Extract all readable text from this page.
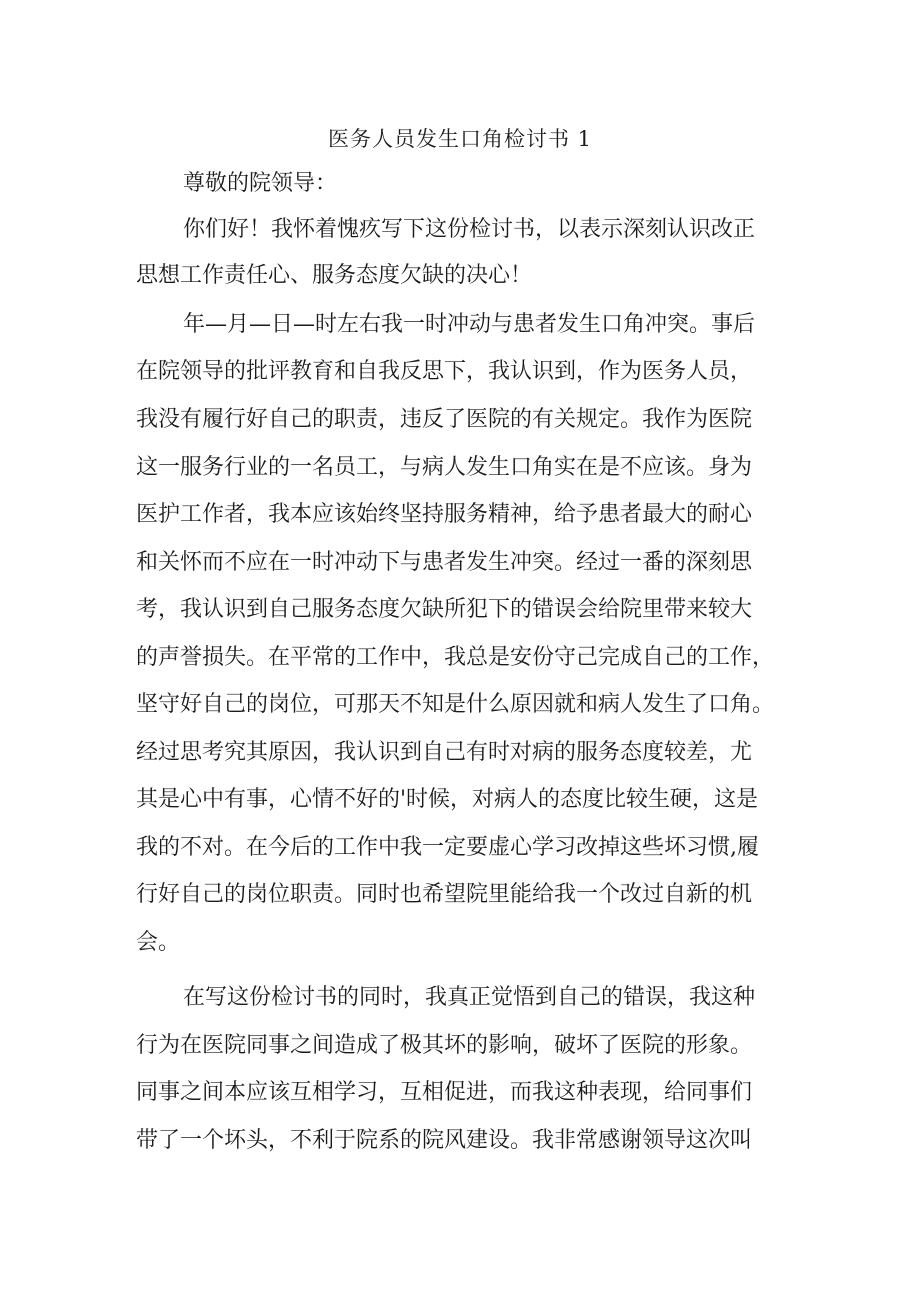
医务人员发生口角检讨书 1
尊敬的院领导：
你们好！我怀着愧疚写下这份检讨书，以表示深刻认识改正
思想工作责任心、服务态度欠缺的决心！
年—月—日—时左右我一时冲动与患者发生口角冲突。事后
在院领导的批评教育和自我反思下，我认识到，作为医务人员，
我没有履行好自己的职责，违反了医院的有关规定。我作为医院
这一服务行业的一名员工，与病人发生口角实在是不应该。身为
医护工作者，我本应该始终坚持服务精神，给予患者最大的耐心
和关怀而不应在一时冲动下与患者发生冲突。经过一番的深刻思
考，我认识到自己服务态度欠缺所犯下的错误会给院里带来较大
的声誉损失。在平常的工作中，我总是安份守己完成自己的工作，
坚守好自己的岗位，可那天不知是什么原因就和病人发生了口角。
经过思考究其原因，我认识到自己有时对病的服务态度较差，尤
其是心中有事，心情不好的'时候，对病人的态度比较生硬，这是
我的不对。在今后的工作中我一定要虚心学习改掉这些坏习惯,履
行好自己的岗位职责。同时也希望院里能给我一个改过自新的机
会。
在写这份检讨书的同时，我真正觉悟到自己的错误，我这种
行为在医院同事之间造成了极其坏的影响，破坏了医院的形象。
同事之间本应该互相学习，互相促进，而我这种表现，给同事们
带了一个坏头，不利于院系的院风建设。我非常感谢领导这次叫
